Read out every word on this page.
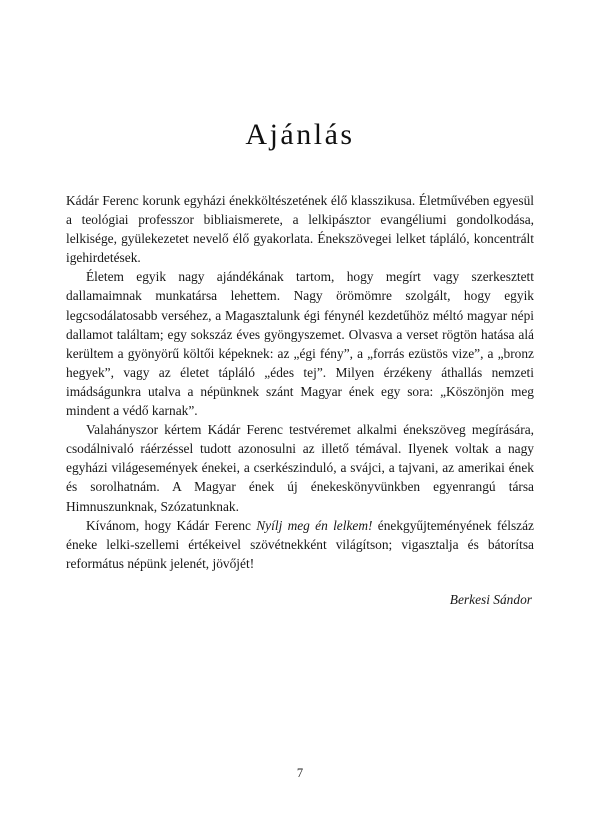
Ajánlás

Kádár Ferenc korunk egyházi énekköltészetének élő klasszikusa. Életművében egyesül a teológiai professzor bibliaismerete, a lelkipásztor evangéliumi gondolkodása, lelkisége, gyülekezetet nevelő élő gyakorlata. Énekszövegei lelket tápláló, koncentrált igehirdetések.

Életem egyik nagy ajándékának tartom, hogy megírt vagy szerkesztett dallamaimnak munkatársa lehettem. Nagy örömömre szolgált, hogy egyik legcsodálatosabb verséhez, a Magasztalunk égi fénynél kezdetűhöz méltó magyar népi dallamot találtam; egy sokszáz éves gyöngyszemet. Olvasva a verset rögtön hatása alá kerültem a gyönyörű költői képeknek: az „égi fény”, a „forrás ezüstös vize”, a „bronz hegyek”, vagy az életet tápláló „édes tej”. Milyen érzékeny áthallás nemzeti imádságunkra utalva a népünknek szánt Magyar ének egy sora: „Köszönjön meg mindent a védő karnak”.

Valahányszor kértem Kádár Ferenc testvéremet alkalmi énekszöveg megírására, csodálnivaló ráérzéssel tudott azonosulni az illető témával. Ilyenek voltak a nagy egyházi világesemények énekei, a cserkészinduló, a svájci, a tajvani, az amerikai ének és sorolhatnám. A Magyar ének új énekeskönyvünkben egyenrangú társa Himnuszunknak, Szózatunknak.

Kívánom, hogy Kádár Ferenc Nyílj meg én lelkem! énekgyűjteményének félszáz éneke lelki-szellemi értékeivel szövétnekként világítson; vigasztalja és bátorítsa református népünk jelenét, jövőjét!

Berkesi Sándor
7
